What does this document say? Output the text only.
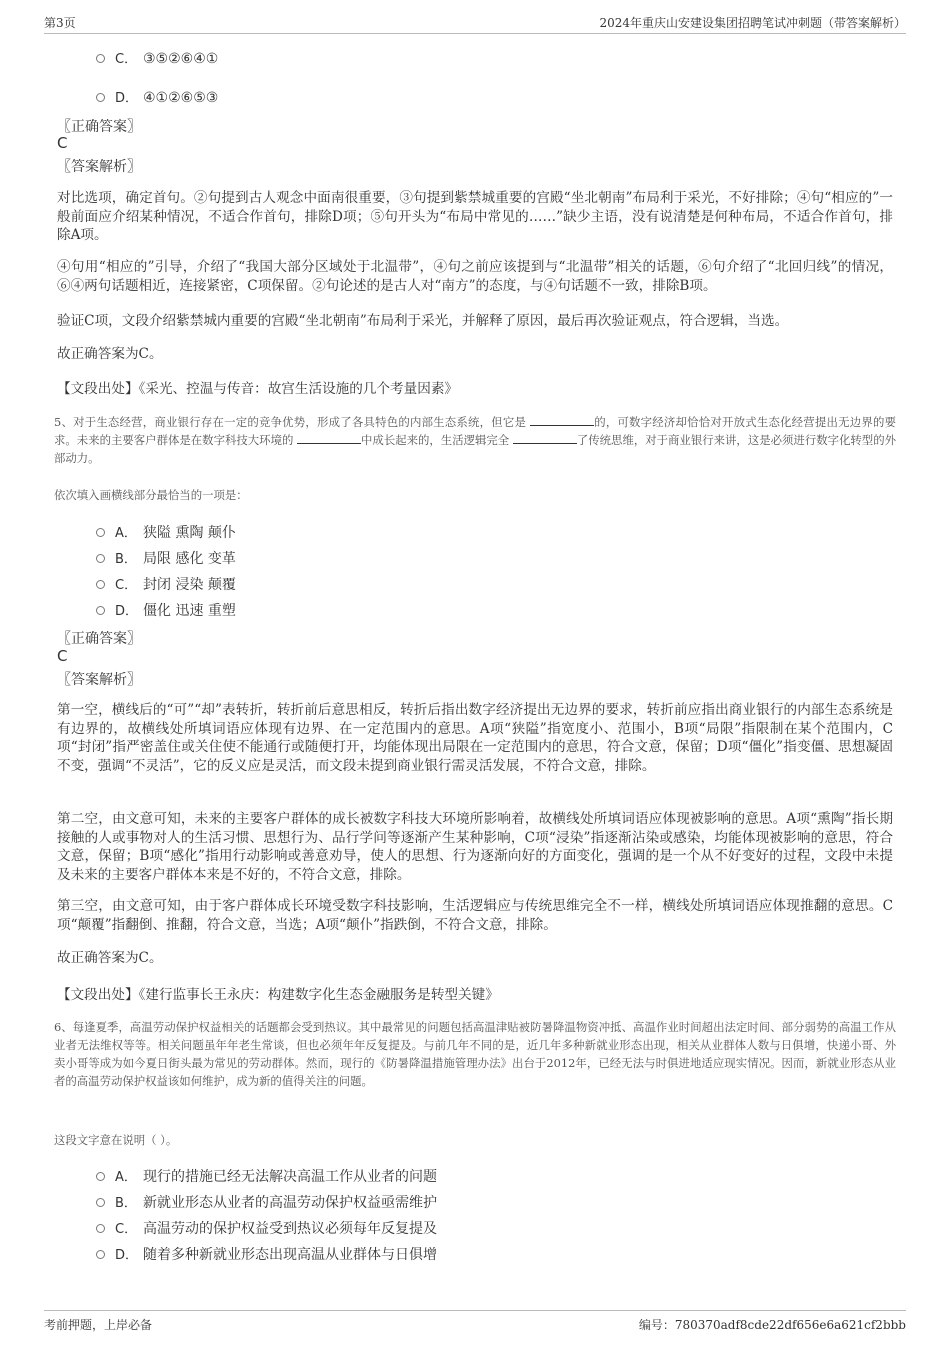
第3页	2024年重庆山安建设集团招聘笔试冲刺题（带答案解析）
C． ③⑤②⑥④①
D． ④①②⑥⑤③
〖正确答案〗
C
〖答案解析〗
对比选项，确定首句。②句提到古人观念中面南很重要，③句提到紫禁城重要的宫殿“坐北朝南”布局利于采光，不好排除；④句“相应的”一般前面应介绍某种情况，不适合作首句，排除D项；⑤句开头为“布局中常见的……”缺少主语，没有说清楚是何种布局，不适合作首句，排除A项。
④句用“相应的”引导，介绍了“我国大部分区域处于北温带”，④句之前应该提到与“北温带”相关的话题，⑥句介绍了“北回归线”的情况，⑥④两句话题相近，连接紧密，C项保留。②句论述的是古人对“南方”的态度，与④句话题不一致，排除B项。
验证C项，文段介绍紫禁城内重要的宫殿“坐北朝南”布局利于采光，并解释了原因，最后再次验证观点，符合逻辑，当选。
故正确答案为C。
【文段出处】《采光、控温与传音：故宫生活设施的几个考量因素》
5、对于生态经营，商业银行存在一定的竞争优势，形成了各具特色的内部生态系统，但它是	的，可数字经济却恰恰对开放式生态化经营提出无边界的要求。未来的主要客户群体是在数字科技大环境的	中成长起来的，生活逻辑完全	了传统思维，对于商业银行来讲，这是必须进行数字化转型的外部动力。
依次填入画横线部分最恰当的一项是：
A． 狭隘 熏陶 颠仆
B． 局限 感化 变革
C． 封闭 浸染 颠覆
D． 僵化 迅速 重塑
〖正确答案〗
C
〖答案解析〗
第一空，横线后的“可”“却”表转折，转折前后意思相反，转折后指出数字经济提出无边界的要求，转折前应指出商业银行的内部生态系统是有边界的，故横线处所填词语应体现有边界、在一定范围内的意思。A项“狭隘”指宽度小、范围小，B项“局限”指限制在某个范围内，C项“封闭”指严密盖住或关住使不能通行或随便打开，均能体现出局限在一定范围内的意思，符合文意，保留；D项“僵化”指变僵、思想凝固不变，强调“不灵活”，它的反义应是灵活，而文段未提到商业银行需灵活发展，不符合文意，排除。
第二空，由文意可知，未来的主要客户群体的成长被数字科技大环境所影响着，故横线处所填词语应体现被影响的意思。A项“熏陶”指长期接触的人或事物对人的生活习惯、思想行为、品行学问等逐渐产生某种影响，C项“浸染”指逐渐沾染或感染，均能体现被影响的意思，符合文意，保留；B项“感化”指用行动影响或善意劝导，使人的思想、行为逐渐向好的方面变化，强调的是一个从不好变好的过程，文段中未提及未来的主要客户群体本来是不好的，不符合文意，排除。
第三空，由文意可知，由于客户群体成长环境受数字科技影响，生活逻辑应与传统思维完全不一样，横线处所填词语应体现推翻的意思。C项“颠覆”指翻倒、推翻，符合文意，当选；A项“颠仆”指跌倒，不符合文意，排除。
故正确答案为C。
【文段出处】《建行监事长王永庆：构建数字化生态金融服务是转型关键》
6、每逢夏季，高温劳动保护权益相关的话题都会受到热议。其中最常见的问题包括高温津贴被防暑降温物资冲抵、高温作业时间超出法定时间、部分弱势的高温工作从业者无法维权等等。相关问题虽年年老生常谈，但也必须年年反复提及。与前几年不同的是，近几年多种新就业形态出现，相关从业群体人数与日俱增，快递小哥、外卖小哥等成为如今夏日街头最为常见的劳动群体。然而，现行的《防暑降温措施管理办法》出台于2012年，已经无法与时俱进地适应现实情况。因而，新就业形态从业者的高温劳动保护权益该如何维护，成为新的值得关注的问题。
这段文字意在说明（ ）。
A． 现行的措施已经无法解决高温工作从业者的问题
B． 新就业形态从业者的高温劳动保护权益亟需维护
C． 高温劳动的保护权益受到热议必须每年反复提及
D． 随着多种新就业形态出现高温从业群体与日俱增
考前押题，上岸必备	编号：780370adf8cde22df656e6a621cf2bbb
